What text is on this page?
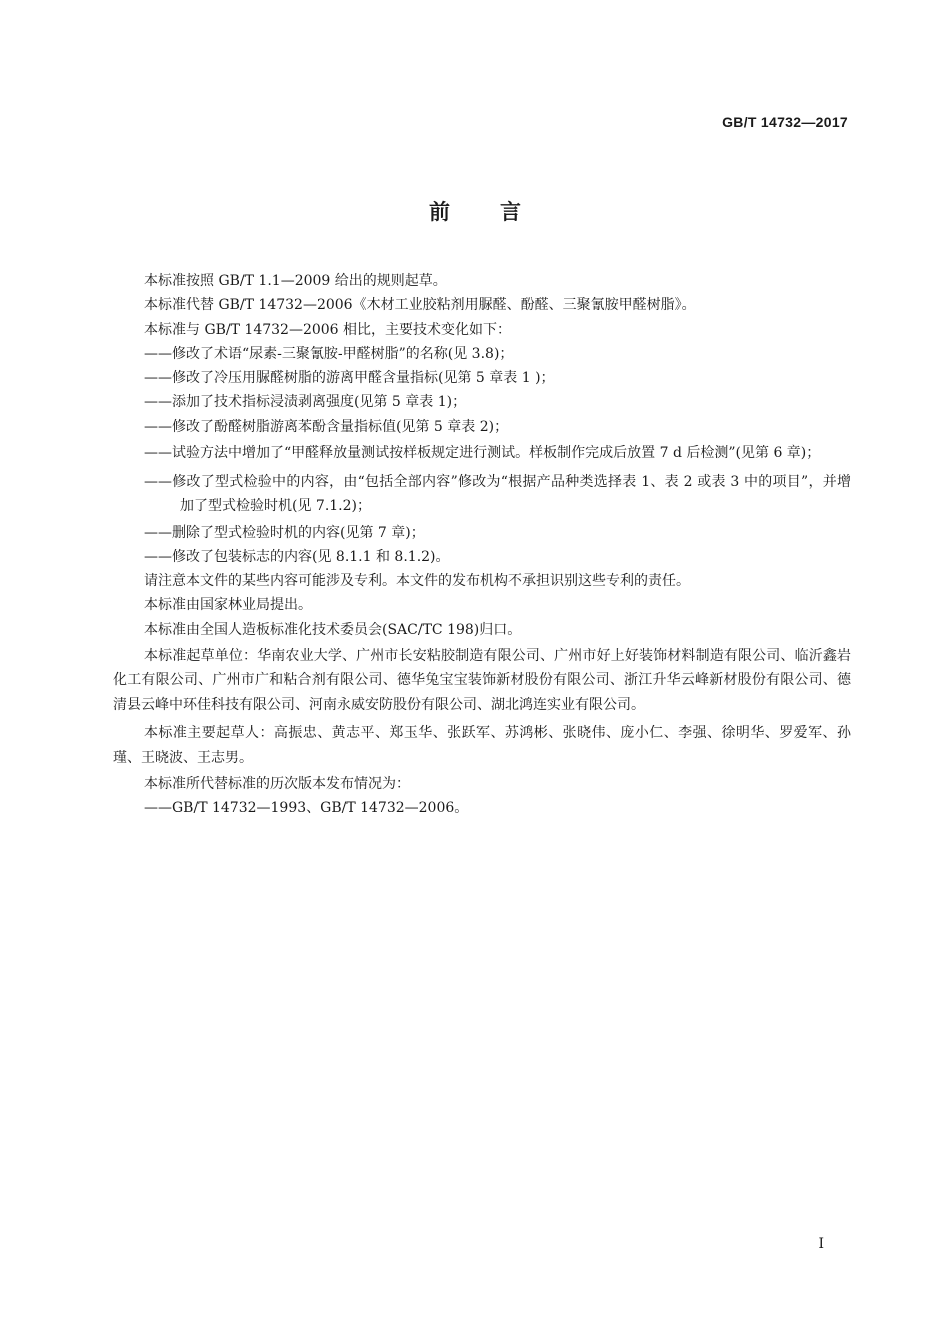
GB/T 14732—2017

前言

本标准按照 GB/T 1.1—2009 给出的规则起草。

本标准代替 GB/T 14732—2006《木材工业胶粘剂用脲醛、酚醛、三聚氰胺甲醛树脂》。

本标准与 GB/T 14732—2006 相比，主要技术变化如下：

——修改了术语“尿素-三聚氰胺-甲醛树脂”的名称(见 3.8)；

——修改了冷压用脲醛树脂的游离甲醛含量指标(见第 5 章表 1 )；

——添加了技术指标浸渍剥离强度(见第 5 章表 1)；

——修改了酚醛树脂游离苯酚含量指标值(见第 5 章表 2)；

——试验方法中增加了“甲醛释放量测试按样板规定进行测试。样板制作完成后放置 7 d 后检测”(见第 6 章)；

——修改了型式检验中的内容，由“包括全部内容”修改为“根据产品种类选择表 1、表 2 或表 3 中的项目”，并增加了型式检验时机(见 7.1.2)；

——删除了型式检验时机的内容(见第 7 章)；

——修改了包装标志的内容(见 8.1.1 和 8.1.2)。

请注意本文件的某些内容可能涉及专利。本文件的发布机构不承担识别这些专利的责任。

本标准由国家林业局提出。

本标准由全国人造板标准化技术委员会(SAC/TC 198)归口。

本标准起草单位：华南农业大学、广州市长安粘胶制造有限公司、广州市好上好装饰材料制造有限公司、临沂鑫岩化工有限公司、广州市广和粘合剂有限公司、德华兔宝宝装饰新材股份有限公司、浙江升华云峰新材股份有限公司、德清县云峰中环佳科技有限公司、河南永威安防股份有限公司、湖北鸿连实业有限公司。

本标准主要起草人：高振忠、黄志平、郑玉华、张跃军、苏鸿彬、张晓伟、庞小仁、李强、徐明华、罗爱军、孙瑾、王晓波、王志男。

本标准所代替标准的历次版本发布情况为：

——GB/T 14732—1993、GB/T 14732—2006。

I
